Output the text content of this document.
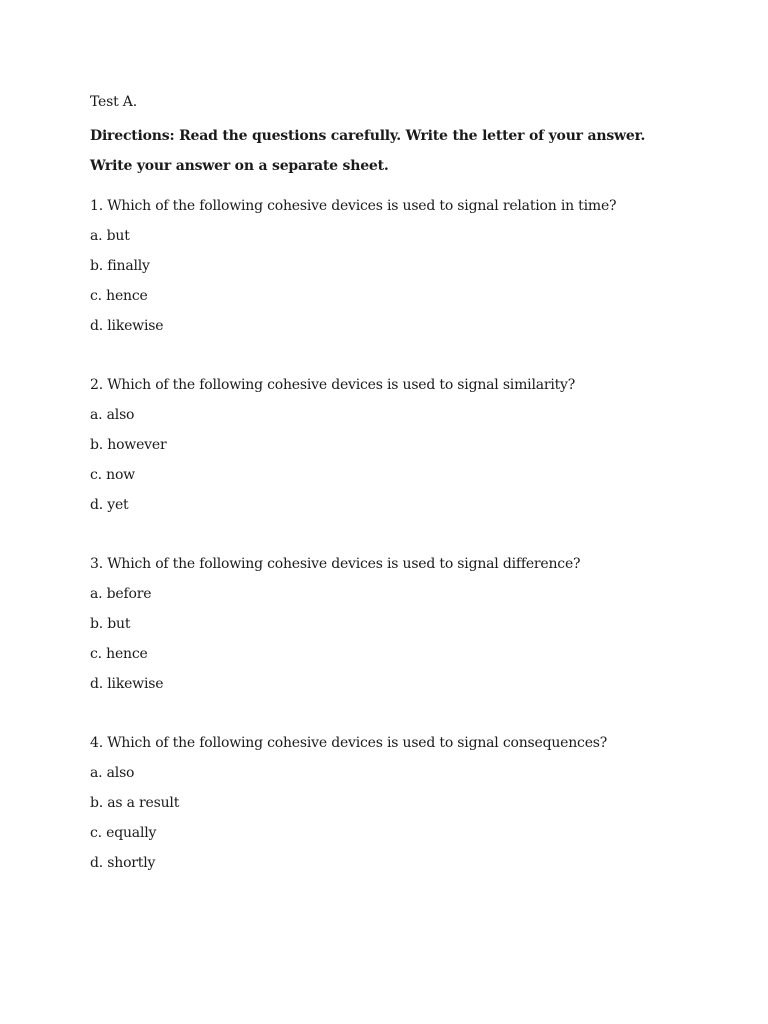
Test A.
Directions: Read the questions carefully. Write the letter of your answer. Write your answer on a separate sheet.
1. Which of the following cohesive devices is used to signal relation in time?
a. but
b. finally
c. hence
d. likewise
2. Which of the following cohesive devices is used to signal similarity?
a. also
b. however
c. now
d. yet
3. Which of the following cohesive devices is used to signal difference?
a. before
b. but
c. hence
d. likewise
4. Which of the following cohesive devices is used to signal consequences?
a. also
b. as a result
c. equally
d. shortly
